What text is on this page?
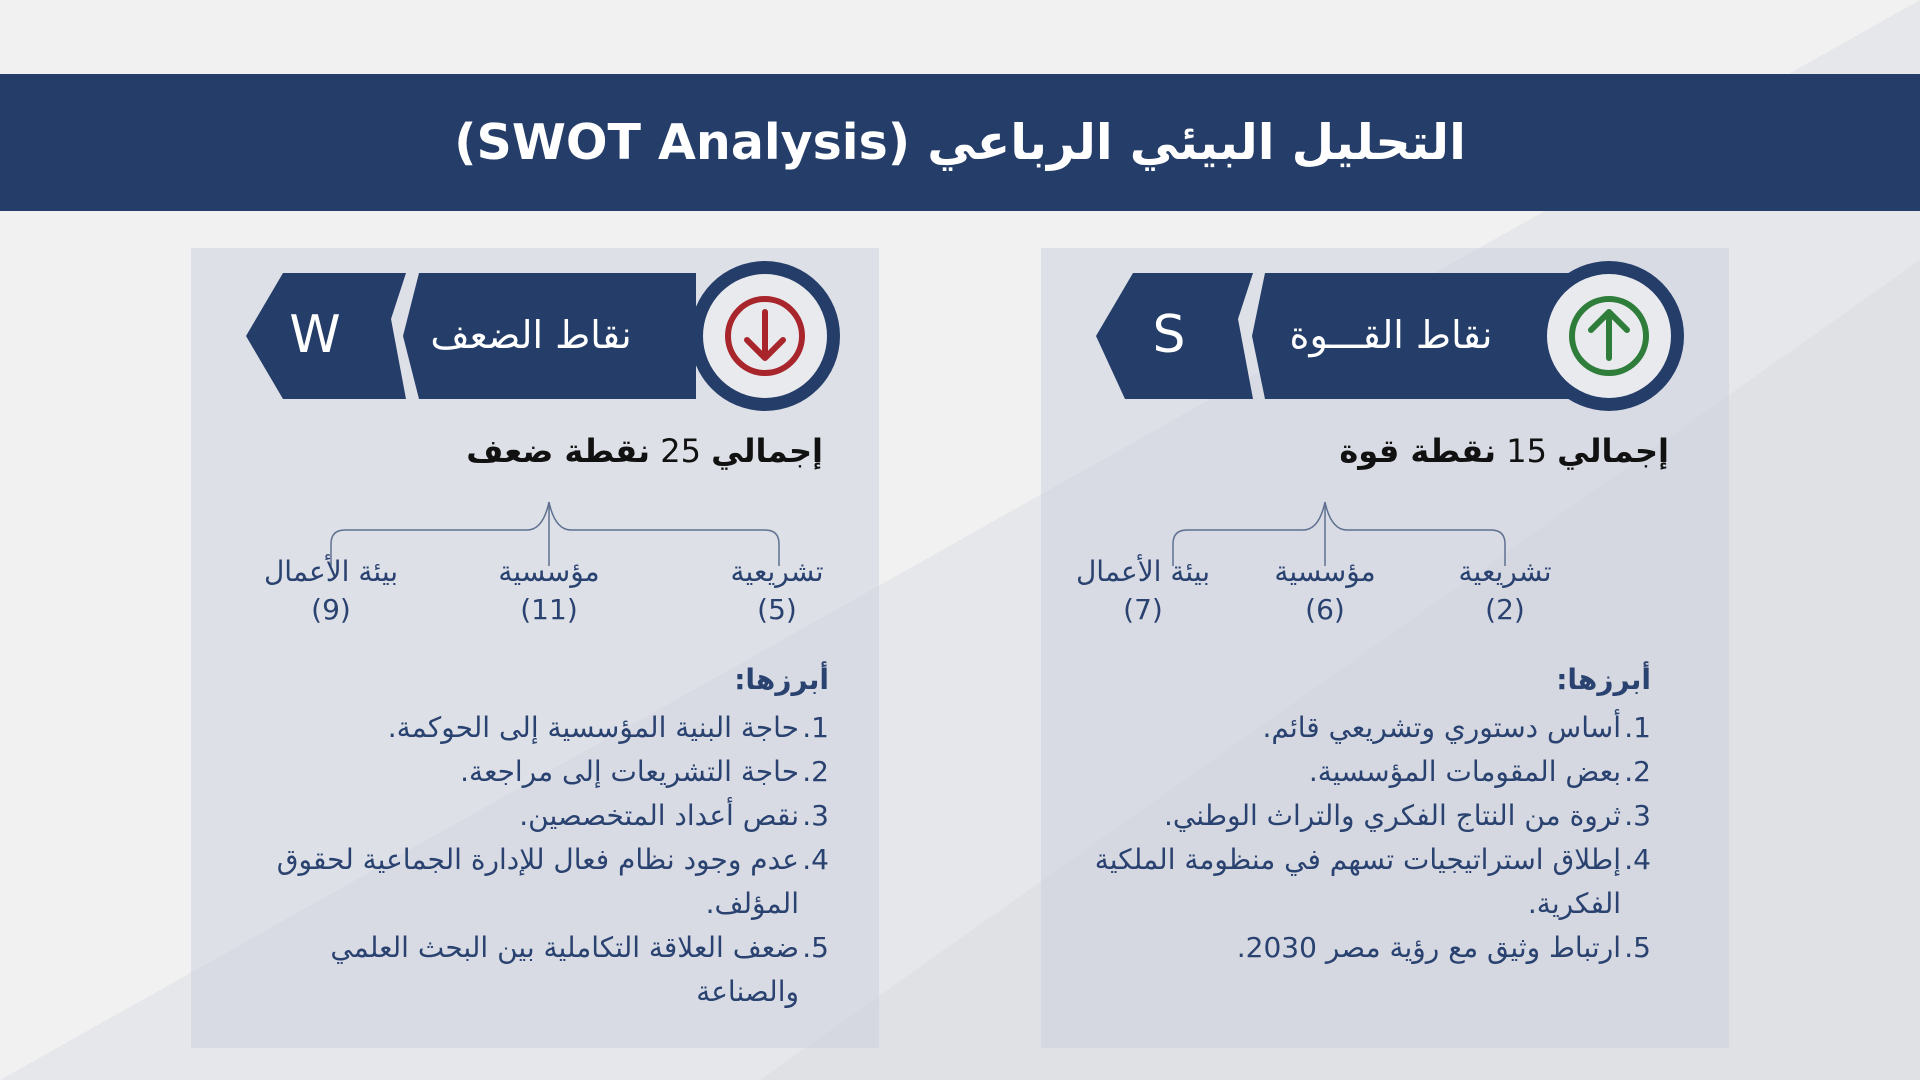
التحليل البيئي الرباعي (SWOT Analysis)
S	نقاط القـــوة
إجمالي 15 نقطة قوة
تشريعية
(2)
مؤسسية
(6)
بيئة الأعمال
(7)
أبرزها:
1.
أساس دستوري وتشريعي قائم.
2.
بعض المقومات المؤسسية.
3.
ثروة من النتاج الفكري والتراث الوطني.
4.
إطلاق استراتيجيات تسهم في منظومة الملكية الفكرية.
5.
ارتباط وثيق مع رؤية مصر 2030.
W	نقاط الضعف
إجمالي 25 نقطة ضعف
تشريعية
(5)
مؤسسية
(11)
بيئة الأعمال
(9)
أبرزها:
1.
حاجة البنية المؤسسية إلى الحوكمة.
2.
حاجة التشريعات إلى مراجعة.
3.
نقص أعداد المتخصصين.
4.
عدم وجود نظام فعال للإدارة الجماعية لحقوق المؤلف.
5.
ضعف العلاقة التكاملية بين البحث العلمي والصناعة
